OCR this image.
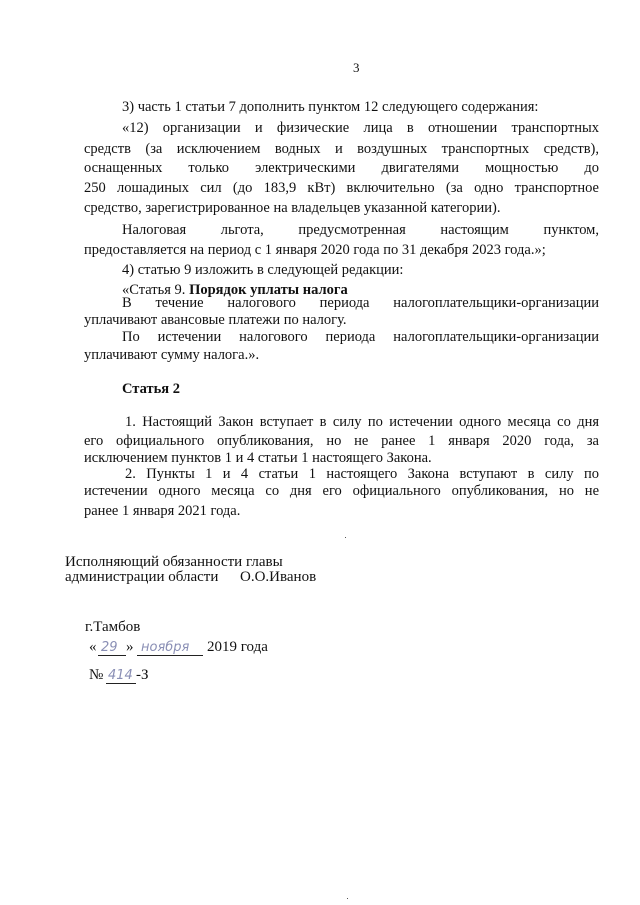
3
3) часть 1 статьи 7 дополнить пунктом 12 следующего содержания:
«12) организации и физические лица в отношении транспортных
средств (за исключением водных и воздушных транспортных средств),
оснащенных только электрическими двигателями мощностью до
250 лошадиных сил (до 183,9 кВт) включительно (за одно транспортное
средство, зарегистрированное на владельцев указанной категории).
Налоговая льгота, предусмотренная настоящим пунктом,
предоставляется на период с 1 января 2020 года по 31 декабря 2023 года.»;
4) статью 9 изложить в следующей редакции:
«Статья 9. Порядок уплаты налога
В течение налогового периода налогоплательщики-организации
уплачивают авансовые платежи по налогу.
По истечении налогового периода налогоплательщики-организации
уплачивают сумму налога.».
Статья 2
1. Настоящий Закон вступает в силу по истечении одного месяца со дня
его официального опубликования, но не ранее 1 января 2020 года, за
исключением пунктов 1 и 4 статьи 1 настоящего Закона.
2. Пункты 1 и 4 статьи 1 настоящего Закона вступают в силу по
истечении одного месяца со дня его официального опубликования, но не
ранее 1 января 2021 года.
Исполняющий обязанности главы
администрации области О.О.Иванов
г.Тамбов
« 29 » ноября 2019 года
№ 414 -З
